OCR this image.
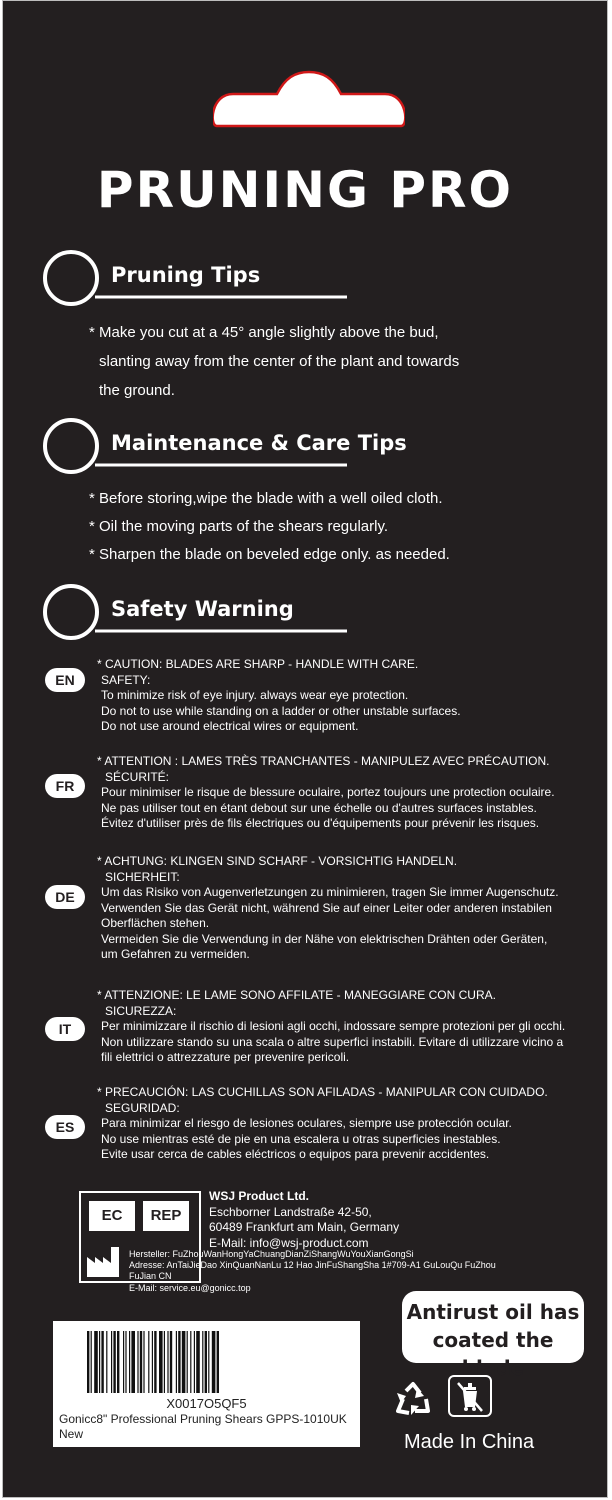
PRUNING PRO
Pruning Tips

* Make you cut at a 45° angle slightly above the bud,

slanting away from the center of the plant and towards

the ground.

Maintenance & Care Tips

* Before storing,wipe the blade with a well oiled cloth.

* Oil the moving parts of the shears regularly.

* Sharpen the blade on beveled edge only. as needed.

Safety Warning
EN

* CAUTION: BLADES ARE SHARP - HANDLE WITH CARE.

SAFETY:

To minimize risk of eye injury. always wear eye protection.

Do not to use while standing on a ladder or other unstable surfaces.

Do not use around electrical wires or equipment.

FR

* ATTENTION : LAMES TRÈS TRANCHANTES - MANIPULEZ AVEC PRÉCAUTION.

SÉCURITÉ:

Pour minimiser le risque de blessure oculaire, portez toujours une protection oculaire.

Ne pas utiliser tout en étant debout sur une échelle ou d'autres surfaces instables.

Évitez d'utiliser près de fils électriques ou d'équipements pour prévenir les risques.

DE

* ACHTUNG: KLINGEN SIND SCHARF - VORSICHTIG HANDELN.

SICHERHEIT:

Um das Risiko von Augenverletzungen zu minimieren, tragen Sie immer Augenschutz.

Verwenden Sie das Gerät nicht, während Sie auf einer Leiter oder anderen instabilen

Oberflächen stehen.

Vermeiden Sie die Verwendung in der Nähe von elektrischen Drähten oder Geräten,

um Gefahren zu vermeiden.

IT

* ATTENZIONE: LE LAME SONO AFFILATE - MANEGGIARE CON CURA.

SICUREZZA:

Per minimizzare il rischio di lesioni agli occhi, indossare sempre protezioni per gli occhi.

Non utilizzare stando su una scala o altre superfici instabili. Evitare di utilizzare vicino a

fili elettrici o attrezzature per prevenire pericoli.

ES

* PRECAUCIÓN: LAS CUCHILLAS SON AFILADAS - MANIPULAR CON CUIDADO.

SEGURIDAD:

Para minimizar el riesgo de lesiones oculares, siempre use protección ocular.

No use mientras esté de pie en una escalera u otras superficies inestables.

Evite usar cerca de cables eléctricos o equipos para prevenir accidentes.

EC	REP

WSJ Product Ltd.

Eschborner Landstraße 42-50,

60489 Frankfurt am Main, Germany

E-Mail: info@wsj-product.com

Hersteller: FuZhouWanHongYaChuangDianZiShangWuYouXianGongSi

Adresse: AnTaiJieDao XinQuanNanLu 12 Hao JinFuShangSha 1#709-A1 GuLouQu FuZhou

FuJian CN

E-Mail: service.eu@gonicc.top

X0017O5QF5
Gonicc8" Professional Pruning Shears GPPS-1010UK New
Antirust oil has
coated the blade
Made In China
